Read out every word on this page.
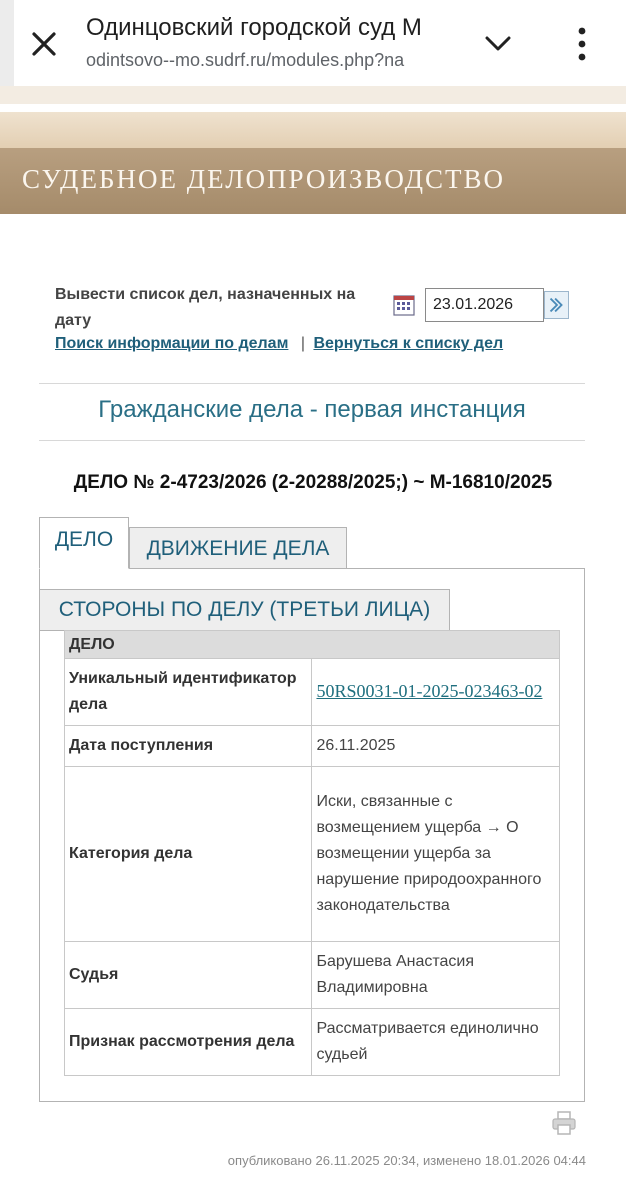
Одинцовский городской суд М
odintsovo--mo.sudrf.ru/modules.php?na
СУДЕБНОЕ ДЕЛОПРОИЗВОДСТВО
Вывести список дел, назначенных на дату
23.01.2026
Поиск информации по делам | Вернуться к списку дел
Гражданские дела - первая инстанция
ДЕЛО № 2-4723/2026 (2-20288/2025;) ~ М-16810/2025
ДЕЛО	ДВИЖЕНИЕ ДЕЛА
СТОРОНЫ ПО ДЕЛУ (ТРЕТЬИ ЛИЦА)
ДЕЛО	
Уникальный идентификатор дела	50RS0031-01-2025-023463-02
Дата поступления	26.11.2025
Категория дела	Иски, связанные с возмещением ущерба → О возмещении ущерба за нарушение природоохранного законодательства
Судья	Барушева Анастасия Владимировна
Признак рассмотрения дела	Рассматривается единолично судьей
опубликовано 26.11.2025 20:34, изменено 18.01.2026 04:44
